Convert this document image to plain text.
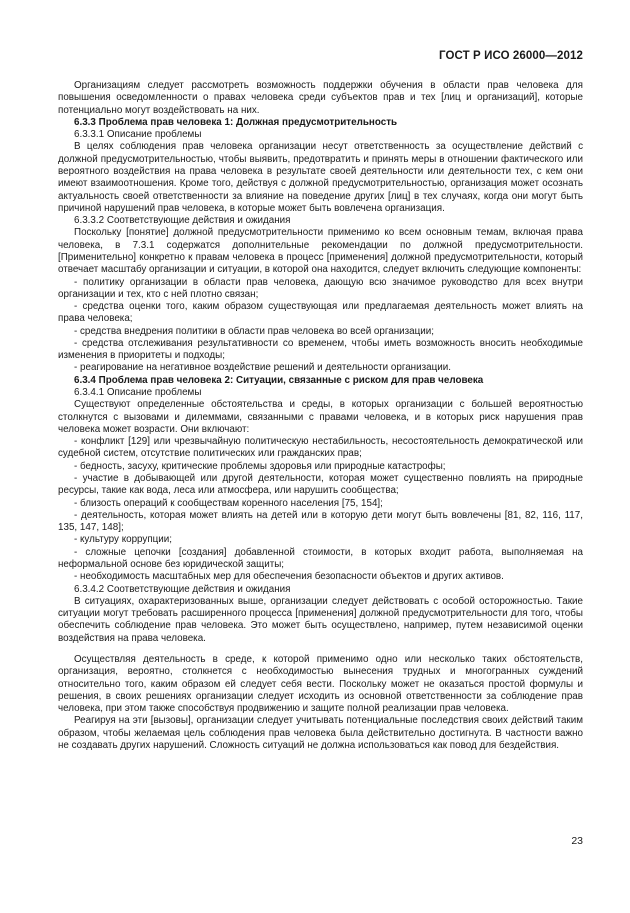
ГОСТ Р ИСО 26000—2012

Организациям следует рассмотреть возможность поддержки обучения в области прав человека для повышения осведомленности о правах человека среди субъектов прав и тех [лиц и организаций], которые потенциально могут воздействовать на них.

6.3.3 Проблема прав человека 1: Должная предусмотрительность

6.3.3.1 Описание проблемы

В целях соблюдения прав человека организации несут ответственность за осуществление действий с должной предусмотрительностью, чтобы выявить, предотвратить и принять меры в отношении фактического или вероятного воздействия на права человека в результате своей деятельности или деятельности тех, с кем они имеют взаимоотношения. Кроме того, действуя с должной предусмотрительностью, организация может осознать актуальность своей ответственности за влияние на поведение других [лиц] в тех случаях, когда они могут быть причиной нарушений прав человека, в которые может быть вовлечена организация.

6.3.3.2 Соответствующие действия и ожидания

Поскольку [понятие] должной предусмотрительности применимо ко всем основным темам, включая права человека, в 7.3.1 содержатся дополнительные рекомендации по должной предусмотрительности. [Применительно] конкретно к правам человека в процесс [применения] должной предусмотрительности, который отвечает масштабу организации и ситуации, в которой она находится, следует включить следующие компоненты:

- политику организации в области прав человека, дающую всю значимое руководство для всех внутри организации и тех, кто с ней плотно связан;

- средства оценки того, каким образом существующая или предлагаемая деятельность может влиять на права человека;

- средства внедрения политики в области прав человека во всей организации;

- средства отслеживания результативности со временем, чтобы иметь возможность вносить необходимые изменения в приоритеты и подходы;

- реагирование на негативное воздействие решений и деятельности организации.

6.3.4 Проблема прав человека 2: Ситуации, связанные с риском для прав человека

6.3.4.1 Описание проблемы

Существуют определенные обстоятельства и среды, в которых организации с большей вероятностью столкнутся с вызовами и дилеммами, связанными с правами человека, и в которых риск нарушения прав человека может возрасти. Они включают:

- конфликт [129] или чрезвычайную политическую нестабильность, несостоятельность демократической или судебной систем, отсутствие политических или гражданских прав;

- бедность, засуху, критические проблемы здоровья или природные катастрофы;

- участие в добывающей или другой деятельности, которая может существенно повлиять на природные ресурсы, такие как вода, леса или атмосфера, или нарушить сообщества;

- близость операций к сообществам коренного населения [75, 154];

- деятельность, которая может влиять на детей или в которую дети могут быть вовлечены [81, 82, 116, 117, 135, 147, 148];

- культуру коррупции;

- сложные цепочки [создания] добавленной стоимости, в которых входит работа, выполняемая на неформальной основе без юридической защиты;

- необходимость масштабных мер для обеспечения безопасности объектов и других активов.

6.3.4.2 Соответствующие действия и ожидания

В ситуациях, охарактеризованных выше, организации следует действовать с особой осторожностью. Такие ситуации могут требовать расширенного процесса [применения] должной предусмотрительности для того, чтобы обеспечить соблюдение прав человека. Это может быть осуществлено, например, путем независимой оценки воздействия на права человека.

Осуществляя деятельность в среде, к которой применимо одно или несколько таких обстоятельств, организация, вероятно, столкнется с необходимостью вынесения трудных и многогранных суждений относительно того, каким образом ей следует себя вести. Поскольку может не оказаться простой формулы и решения, в своих решениях организации следует исходить из основной ответственности за соблюдение прав человека, при этом также способствуя продвижению и защите полной реализации прав человека.

Реагируя на эти [вызовы], организации следует учитывать потенциальные последствия своих действий таким образом, чтобы желаемая цель соблюдения прав человека была действительно достигнута. В частности важно не создавать других нарушений. Сложность ситуаций не должна использоваться как повод для бездействия.

23
